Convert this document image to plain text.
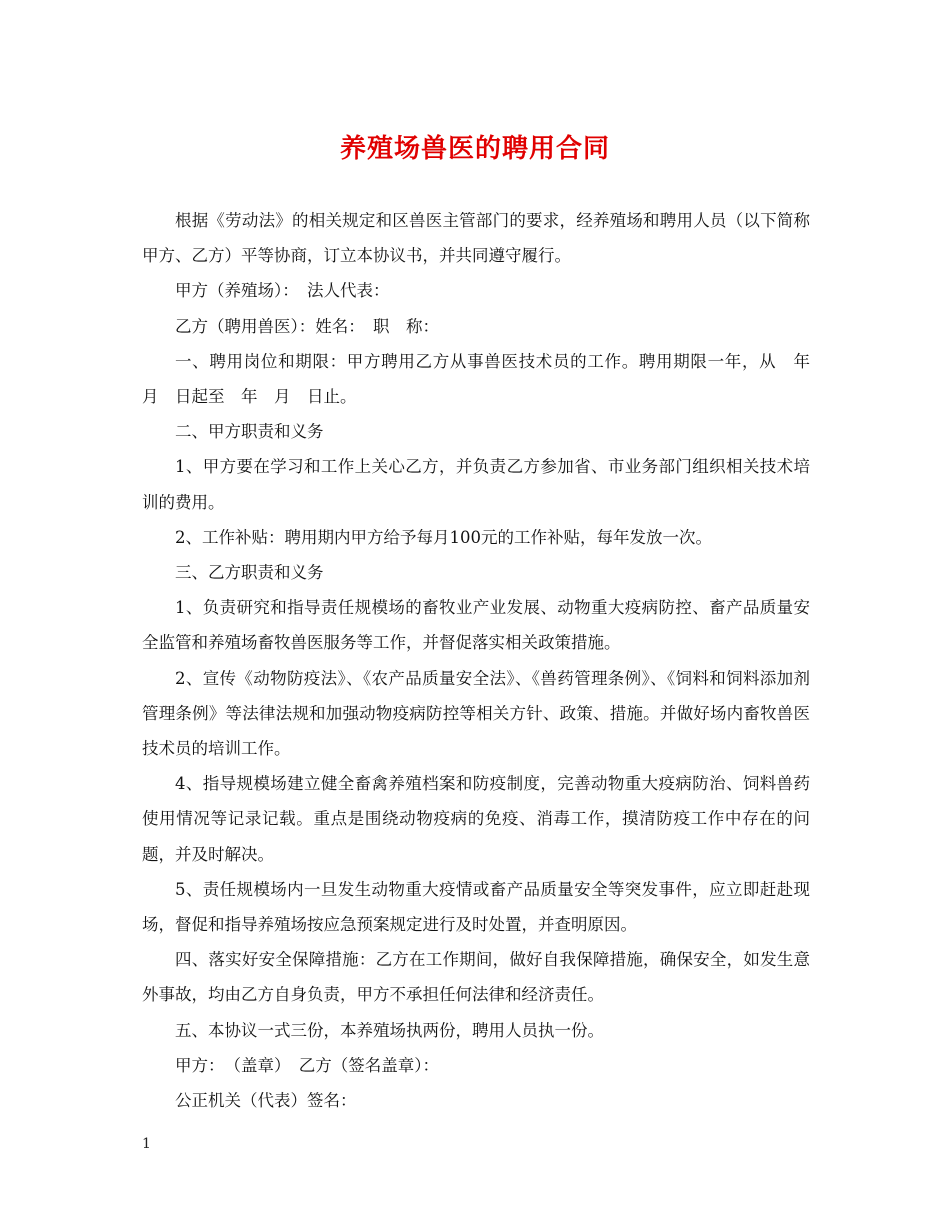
养殖场兽医的聘用合同

根据《劳动法》的相关规定和区兽医主管部门的要求，经养殖场和聘用人员（以下简称甲方、乙方）平等协商，订立本协议书，并共同遵守履行。

甲方（养殖场）：　法人代表：

乙方（聘用兽医）：姓名：　职　称：

一、聘用岗位和期限：甲方聘用乙方从事兽医技术员的工作。聘用期限一年，从　年　月　日起至　年　月　日止。

二、甲方职责和义务

1、甲方要在学习和工作上关心乙方，并负责乙方参加省、市业务部门组织相关技术培训的费用。

2、工作补贴：聘用期内甲方给予每月100元的工作补贴，每年发放一次。

三、乙方职责和义务

1、负责研究和指导责任规模场的畜牧业产业发展、动物重大疫病防控、畜产品质量安全监管和养殖场畜牧兽医服务等工作，并督促落实相关政策措施。

2、宣传《动物防疫法》、《农产品质量安全法》、《兽药管理条例》、《饲料和饲料添加剂管理条例》等法律法规和加强动物疫病防控等相关方针、政策、措施。并做好场内畜牧兽医技术员的培训工作。

4、指导规模场建立健全畜禽养殖档案和防疫制度，完善动物重大疫病防治、饲料兽药使用情况等记录记载。重点是围绕动物疫病的免疫、消毒工作，摸清防疫工作中存在的问题，并及时解决。

5、责任规模场内一旦发生动物重大疫情或畜产品质量安全等突发事件，应立即赶赴现场，督促和指导养殖场按应急预案规定进行及时处置，并查明原因。

四、落实好安全保障措施：乙方在工作期间，做好自我保障措施，确保安全，如发生意外事故，均由乙方自身负责，甲方不承担任何法律和经济责任。

五、本协议一式三份，本养殖场执两份，聘用人员执一份。

甲方：　（盖章）　乙方（签名盖章）：

公正机关（代表）签名：

1
